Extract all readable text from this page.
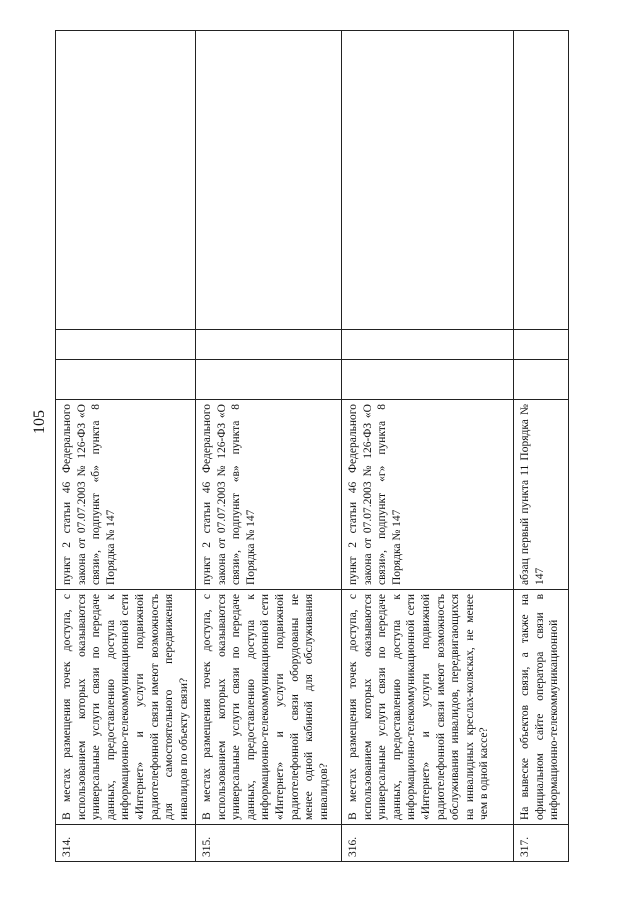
105
314.
В местах размещения точек доступа, с использованием которых оказываются универсальные услуги связи по передаче данных, предоставлению доступа к информационно-телекоммуникационной сети «Интернет» и услуги подвижной радиотелефонной связи имеют возможность для самостоятельного передвижения инвалидов по объекту связи?
пункт 2 статьи 46 Федерального закона от 07.07.2003 № 126-ФЗ «О связи», подпункт «б» пункта 8 Порядка № 147
315.
В местах размещения точек доступа, с использованием которых оказываются универсальные услуги связи по передаче данных, предоставлению доступа к информационно-телекоммуникационной сети «Интернет» и услуги подвижной радиотелефонной связи оборудованы не менее одной кабиной для обслуживания инвалидов?
пункт 2 статьи 46 Федерального закона от 07.07.2003 № 126-ФЗ «О связи», подпункт «в» пункта 8 Порядка № 147
316.
В местах размещения точек доступа, с использованием которых оказываются универсальные услуги связи по передаче данных, предоставлению доступа к информационно-телекоммуникационной сети «Интернет» и услуги подвижной радиотелефонной связи имеют возможность обслуживания инвалидов, передвигающихся на инвалидных креслах-колясках, не менее чем в одной кассе?
пункт 2 статьи 46 Федерального закона от 07.07.2003 № 126-ФЗ «О связи», подпункт «г» пункта 8 Порядка № 147
317.
На вывеске объектов связи, а также на официальном сайте оператора связи в информационно-телекоммуникационной
абзац первый пункта 11 Порядка № 147
